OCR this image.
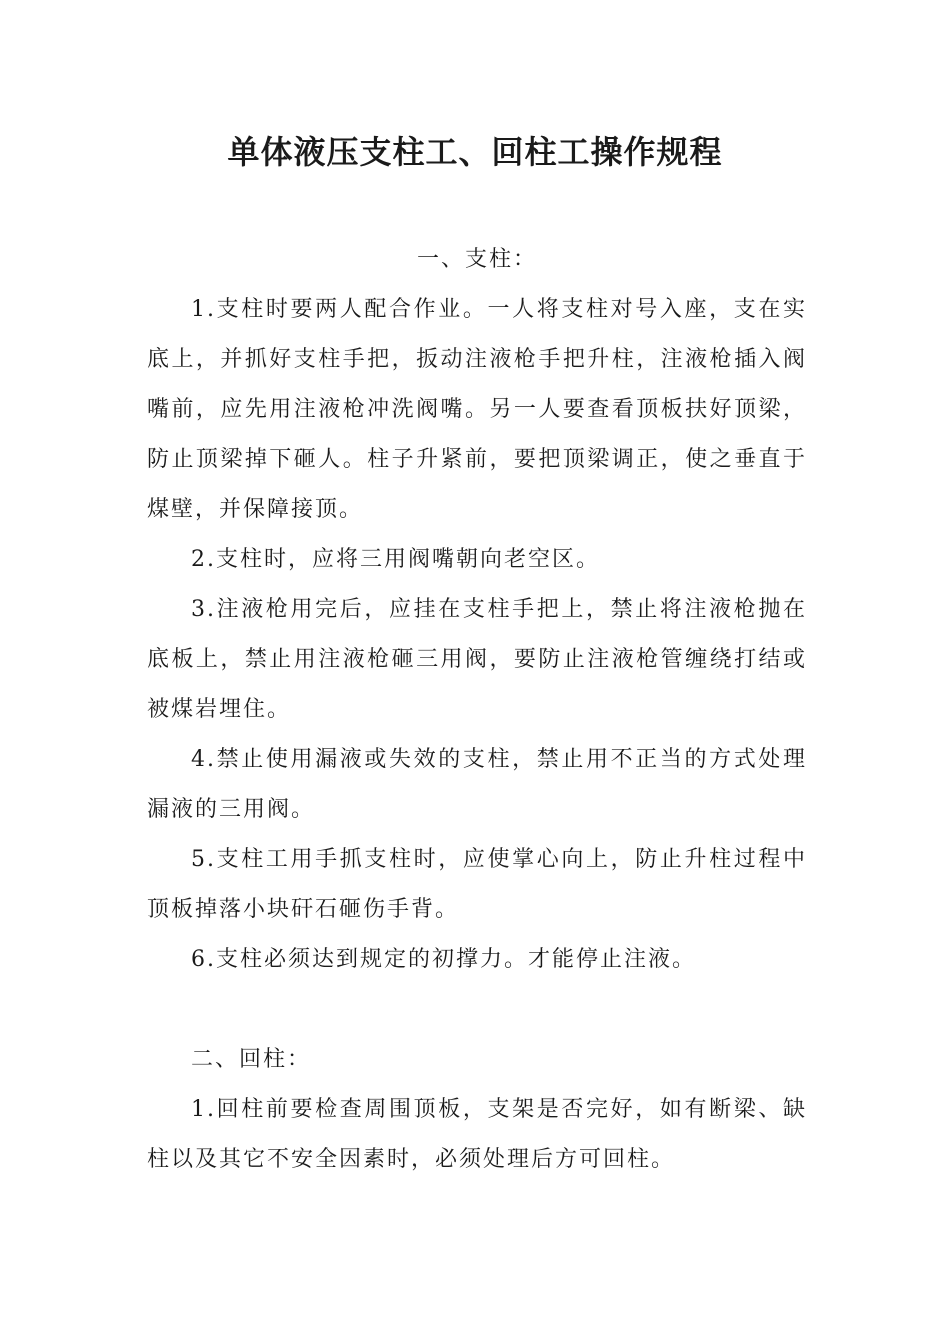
单体液压支柱工、回柱工操作规程

一、支柱：

1.支柱时要两人配合作业。一人将支柱对号入座，支在实底上，并抓好支柱手把，扳动注液枪手把升柱，注液枪插入阀嘴前，应先用注液枪冲洗阀嘴。另一人要查看顶板扶好顶梁，防止顶梁掉下砸人。柱子升紧前，要把顶梁调正，使之垂直于煤壁，并保障接顶。

2.支柱时，应将三用阀嘴朝向老空区。

3.注液枪用完后，应挂在支柱手把上，禁止将注液枪抛在底板上，禁止用注液枪砸三用阀，要防止注液枪管缠绕打结或被煤岩埋住。

4.禁止使用漏液或失效的支柱，禁止用不正当的方式处理漏液的三用阀。

5.支柱工用手抓支柱时，应使掌心向上，防止升柱过程中顶板掉落小块矸石砸伤手背。

6.支柱必须达到规定的初撑力。才能停止注液。

二、回柱：

1.回柱前要检查周围顶板，支架是否完好，如有断梁、缺柱以及其它不安全因素时，必须处理后方可回柱。
